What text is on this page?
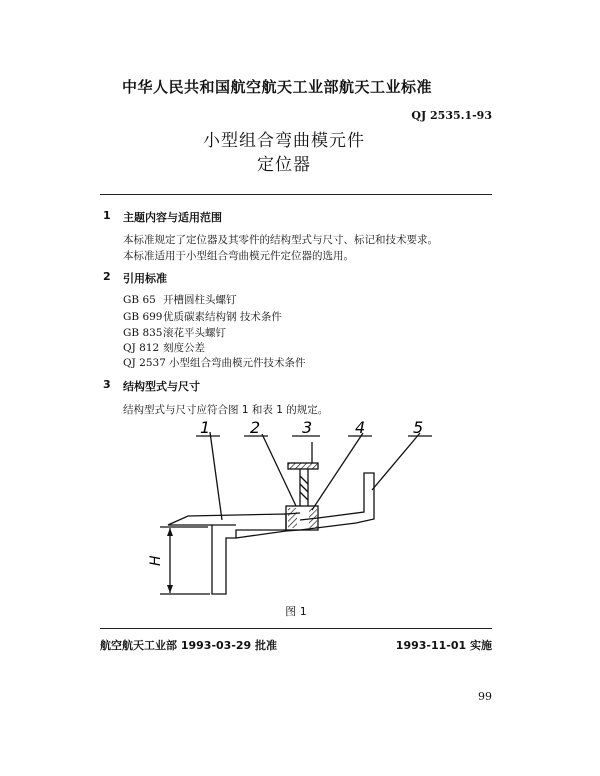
中华人民共和国航空航天工业部航天工业标准
QJ 2535.1-93
小型组合弯曲模元件
定位器
1 主题内容与适用范围
本标准规定了定位器及其零件的结构型式与尺寸、标记和技术要求。
本标准适用于小型组合弯曲模元件定位器的选用。
2 引用标准
GB 65 开槽圆柱头螺钉
GB 699优质碳素结构钢 技术条件
GB 835滚花平头螺钉
QJ 812 刻度公差
QJ 2537 小型组合弯曲模元件技术条件
3 结构型式与尺寸
结构型式与尺寸应符合图 1 和表 1 的规定。
1 2	3	4	5
H
图 1
航空航天工业部 1993-03-29 批准	1993-11-01 实施
99
